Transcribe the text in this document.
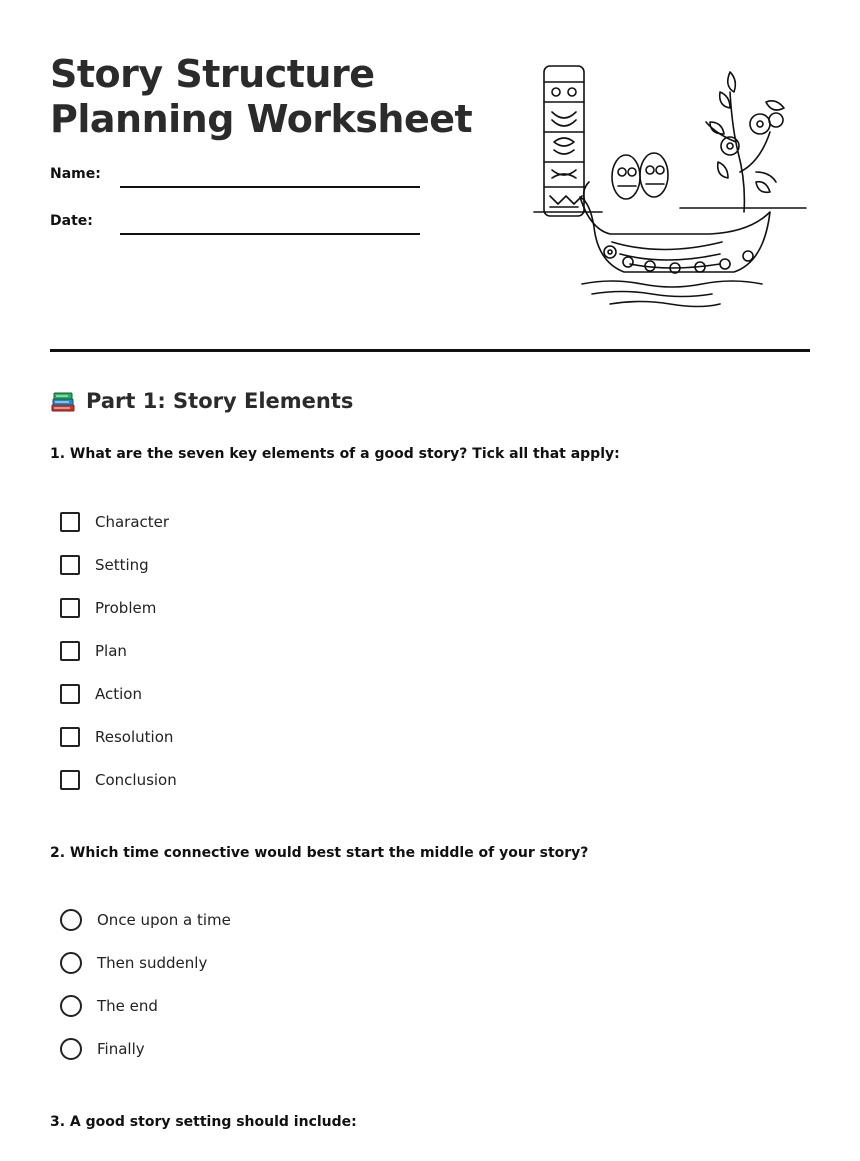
Story Structure
Planning Worksheet
Name:
Date:
Part 1: Story Elements

1. What are the seven key elements of a good story? Tick all that apply:

Character
Setting
Problem
Plan
Action
Resolution
Conclusion

2. Which time connective would best start the middle of your story?

Once upon a time
Then suddenly
The end
Finally

3. A good story setting should include:
